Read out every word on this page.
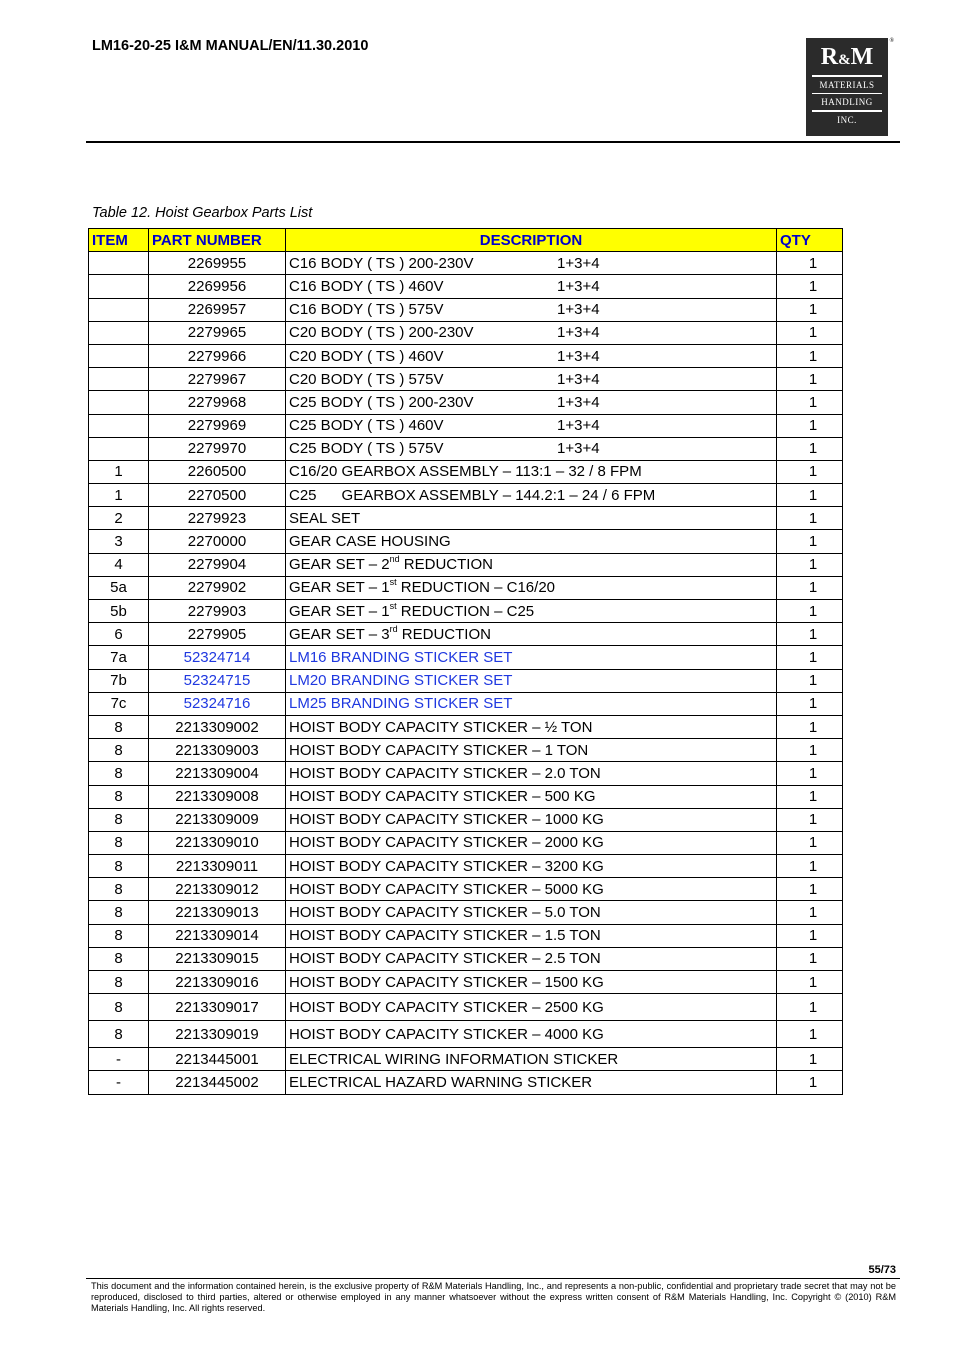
LM16-20-25 I&M MANUAL/EN/11.30.2010	R&M
MATERIALS
HANDLING
INC.
®
Table 12. Hoist Gearbox Parts List
ITEM	PART NUMBER	DESCRIPTION	QTY
	2269955	C16 BODY ( TS ) 200-230V 1+3+4	1
	2269956	C16 BODY ( TS ) 460V 1+3+4	1
	2269957	C16 BODY ( TS ) 575V 1+3+4	1
	2279965	C20 BODY ( TS ) 200-230V 1+3+4	1
	2279966	C20 BODY ( TS ) 460V 1+3+4	1
	2279967	C20 BODY ( TS ) 575V 1+3+4	1
	2279968	C25 BODY ( TS ) 200-230V 1+3+4	1
	2279969	C25 BODY ( TS ) 460V 1+3+4	1
	2279970	C25 BODY ( TS ) 575V 1+3+4	1
1	2260500	C16/20 GEARBOX ASSEMBLY – 113:1 – 32 / 8 FPM	1
1	2270500	C25      GEARBOX ASSEMBLY – 144.2:1 – 24 / 6 FPM	1
2	2279923	SEAL SET	1
3	2270000	GEAR CASE HOUSING	1
4	2279904	GEAR SET – 2nd REDUCTION	1
5a	2279902	GEAR SET – 1st REDUCTION – C16/20	1
5b	2279903	GEAR SET – 1st REDUCTION – C25	1
6	2279905	GEAR SET – 3rd REDUCTION	1
7a	52324714	LM16 BRANDING STICKER SET	1
7b	52324715	LM20 BRANDING STICKER SET	1
7c	52324716	LM25 BRANDING STICKER SET	1
8	2213309002	HOIST BODY CAPACITY STICKER – ½ TON	1
8	2213309003	HOIST BODY CAPACITY STICKER – 1 TON	1
8	2213309004	HOIST BODY CAPACITY STICKER – 2.0 TON	1
8	2213309008	HOIST BODY CAPACITY STICKER – 500 KG	1
8	2213309009	HOIST BODY CAPACITY STICKER – 1000 KG	1
8	2213309010	HOIST BODY CAPACITY STICKER – 2000 KG	1
8	2213309011	HOIST BODY CAPACITY STICKER – 3200 KG	1
8	2213309012	HOIST BODY CAPACITY STICKER – 5000 KG	1
8	2213309013	HOIST BODY CAPACITY STICKER – 5.0 TON	1
8	2213309014	HOIST BODY CAPACITY STICKER – 1.5 TON	1
8	2213309015	HOIST BODY CAPACITY STICKER – 2.5 TON	1
8	2213309016	HOIST BODY CAPACITY STICKER – 1500 KG	1
8	2213309017	HOIST BODY CAPACITY STICKER – 2500 KG	1
8	2213309019	HOIST BODY CAPACITY STICKER – 4000 KG	1
-	2213445001	ELECTRICAL WIRING INFORMATION STICKER	1
-	2213445002	ELECTRICAL HAZARD WARNING STICKER	1
55/73
This document and the information contained herein, is the exclusive property of R&M Materials Handling, Inc., and represents a non-public, confidential and proprietary trade secret that may not be reproduced, disclosed to third parties, altered or otherwise employed in any manner whatsoever without the express written consent of R&M Materials Handling, Inc. Copyright © (2010) R&M Materials Handling, Inc. All rights reserved.
